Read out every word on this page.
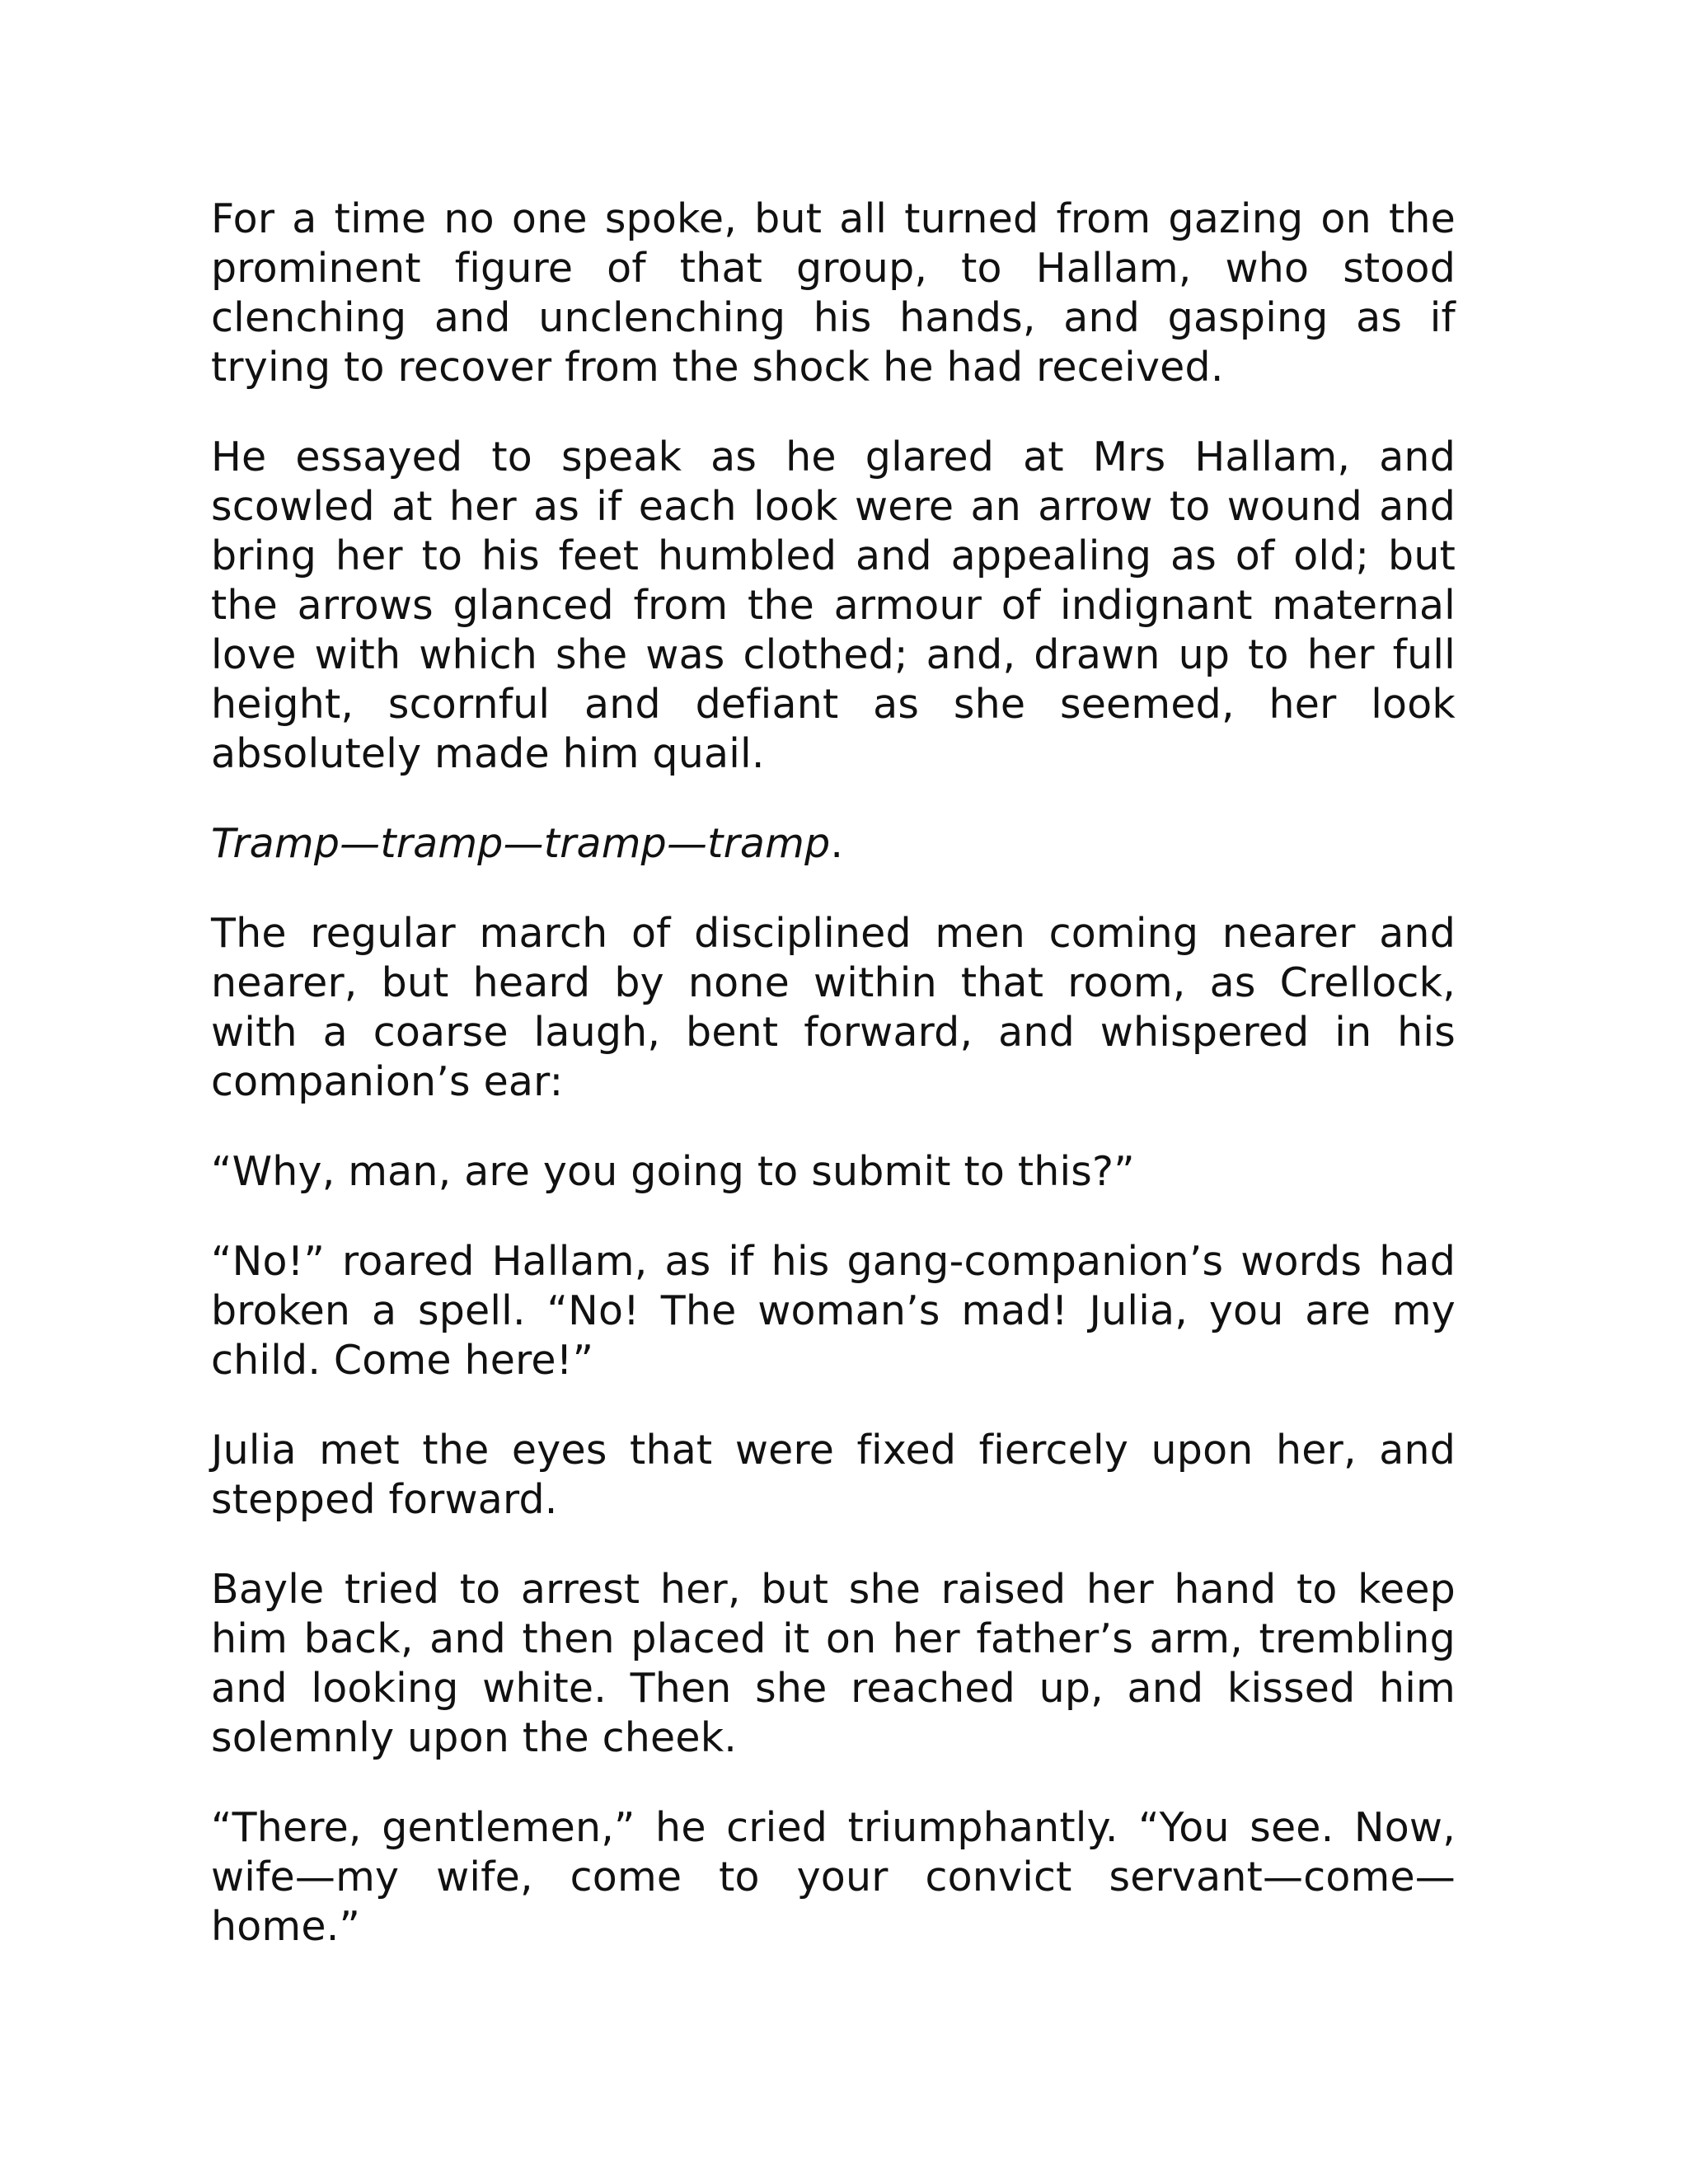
For a time no one spoke, but all turned from gazing on the prominent figure of that group, to Hallam, who stood clenching and unclenching his hands, and gasping as if trying to recover from the shock he had received.

He essayed to speak as he glared at Mrs Hallam, and scowled at her as if each look were an arrow to wound and bring her to his feet humbled and appealing as of old; but the arrows glanced from the armour of indignant maternal love with which she was clothed; and, drawn up to her full height, scornful and defiant as she seemed, her look absolutely made him quail.

Tramp—tramp—tramp—tramp.

The regular march of disciplined men coming nearer and nearer, but heard by none within that room, as Crellock, with a coarse laugh, bent forward, and whispered in his companion’s ear:

“Why, man, are you going to submit to this?”

“No!” roared Hallam, as if his gang-companion’s words had broken a spell. “No! The woman’s mad! Julia, you are my child. Come here!”

Julia met the eyes that were fixed fiercely upon her, and stepped forward.

Bayle tried to arrest her, but she raised her hand to keep him back, and then placed it on her father’s arm, trembling and looking white. Then she reached up, and kissed him solemnly upon the cheek.

“There, gentlemen,” he cried triumphantly. “You see. Now, wife—my wife, come to your convict servant—come—home.”
